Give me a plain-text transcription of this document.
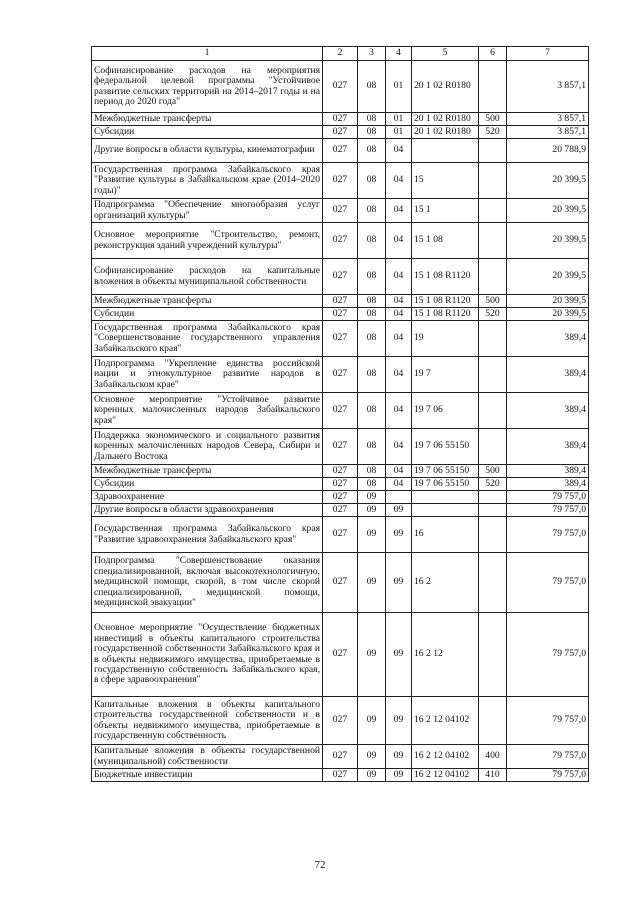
1	2	3	4	5	6	7
Софинансирование расходов на мероприятия федеральной целевой программы "Устойчивое развитие сельских территорий на 2014–2017 годы и на период до 2020 года"	027	08	01	20 1 02 R0180		3 857,1
Межбюджетные трансферты	027	08	01	20 1 02 R0180	500	3 857,1
Субсидии	027	08	01	20 1 02 R0180	520	3 857,1
Другие вопросы в области культуры, кинематографии	027	08	04			20 788,9
Государственная программа Забайкальского края "Развитие культуры в Забайкальском крае (2014–2020 годы)"	027	08	04	15		20 399,5
Подпрограмма "Обеспечение многообразия услуг организаций культуры"	027	08	04	15 1		20 399,5
Основное мероприятие "Строительство, ремонт, реконструкция зданий учреждений культуры"	027	08	04	15 1 08		20 399,5
Софинансирование расходов на капитальные вложения в объекты муниципальной собственности	027	08	04	15 1 08 R1120		20 399,5
Межбюджетные трансферты	027	08	04	15 1 08 R1120	500	20 399,5
Субсидии	027	08	04	15 1 08 R1120	520	20 399,5
Государственная программа Забайкальского края "Совершенствование государственного управления Забайкальского края"	027	08	04	19		389,4
Подпрограмма "Укрепление единства российской нации и этнокультурное развитие народов в Забайкальском крае"	027	08	04	19 7		389,4
Основное мероприятие "Устойчивое развитие коренных малочисленных народов Забайкальского края"	027	08	04	19 7 06		389,4
Поддержка экономического и социального развития коренных малочисленных народов Севера, Сибири и Дальнего Востока	027	08	04	19 7 06 55150		389,4
Межбюджетные трансферты	027	08	04	19 7 06 55150	500	389,4
Субсидии	027	08	04	19 7 06 55150	520	389,4
Здравоохранение	027	09				79 757,0
Другие вопросы в области здравоохранения	027	09	09			79 757,0
Государственная программа Забайкальского края "Развитие здравоохранения Забайкальского края"	027	09	09	16		79 757,0
Подпрограмма "Совершенствование оказания специализированной, включая высокотехнологичную, медицинской помощи, скорой, в том числе скорой специализированной, медицинской помощи, медицинской эвакуации"	027	09	09	16 2		79 757,0
Основное мероприятие "Осуществление бюджетных инвестиций в объекты капитального строительства государственной собственности Забайкальского края и в объекты недвижимого имущества, приобретаемые в государственную собственность Забайкальского края, в сфере здравоохранения"	027	09	09	16 2 12		79 757,0
Капитальные вложения в объекты капитального строительства государственной собственности и в объекты недвижимого имущества, приобретаемые в государственную собственность	027	09	09	16 2 12 04102		79 757,0
Капитальные вложения в объекты государственной (муниципальной) собственности	027	09	09	16 2 12 04102	400	79 757,0
Бюджетные инвестиции	027	09	09	16 2 12 04102	410	79 757,0
72
